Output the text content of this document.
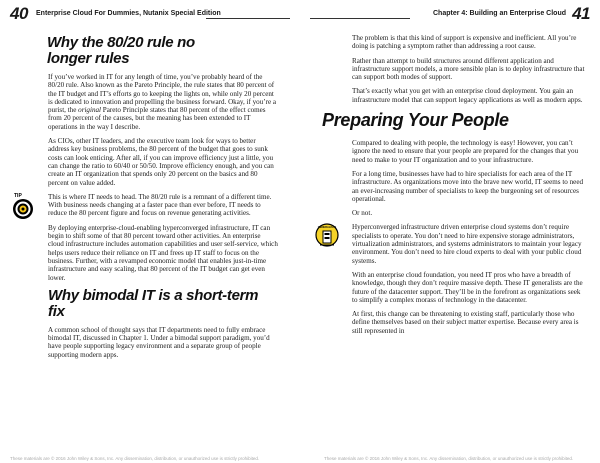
40 Enterprise Cloud For Dummies, Nutanix Special Edition
Why the 80/20 rule no longer rules

If you’ve worked in IT for any length of time, you’ve probably heard of the 80/20 rule. Also known as the Pareto Principle, the rule states that 80 percent of the IT budget and IT’s efforts go to keeping the lights on, while only 20 percent is dedicated to innovation and propelling the business forward. Okay, if you’re a purist, the original Pareto Principle states that 80 percent of the effect comes from 20 percent of the causes, but the meaning has been extended to IT operations in the way I describe.

As CIOs, other IT leaders, and the executive team look for ways to better address key business problems, the 80 percent of the budget that goes to sunk costs can look enticing. After all, if you can improve efficiency just a little, you can change the ratio to 60/40 or 50/50. Improve efficiency enough, and you can create an IT organization that spends only 20 percent on the basics and 80 percent on value added.

TIP	This is where IT needs to head. The 80/20 rule is a remnant of a different time. With business needs changing at a faster pace than ever before, IT needs to reduce the 80 percent figure and focus on revenue generating activities.

By deploying enterprise-cloud-enabling hyperconverged infrastructure, IT can begin to shift some of that 80 percent toward other activities. An enterprise cloud infrastructure includes automation capabilities and user self-service, which helps users reduce their reliance on IT and frees up IT staff to focus on the business. Further, with a revamped economic model that enables just-in-time infrastructure and easy scaling, that 80 percent of the IT budget can get even lower.

Why bimodal IT is a short-term fix

A common school of thought says that IT departments need to fully embrace bimodal IT, discussed in Chapter 1. Under a bimodal support paradigm, you’d have people supporting legacy environment and a separate group of people supporting modern apps.

These materials are © 2016 John Wiley & Sons, Inc. Any dissemination, distribution, or unauthorized use is strictly prohibited.
Chapter 4: Building an Enterprise Cloud 41

The problem is that this kind of support is expensive and inefficient. All you’re doing is patching a symptom rather than addressing a root cause.

Rather than attempt to build structures around different application and infrastructure support models, a more sensible plan is to deploy infrastructure that can support both modes of support.

That’s exactly what you get with an enterprise cloud deployment. You gain an infrastructure model that can support legacy applications as well as modern apps.

Preparing Your People

Compared to dealing with people, the technology is easy! However, you can’t ignore the need to ensure that your people are prepared for the changes that you need to make to your IT organization and to your infrastructure.

For a long time, businesses have had to hire specialists for each area of the IT infrastructure. As organizations move into the brave new world, IT seems to need an ever-increasing number of specialists to keep the burgeoning set of resources operational.

Or not.

GENERALISTS Hyperconverged infrastructure driven enterprise cloud systems don’t require specialists to operate. You don’t need to hire expensive storage administrators, virtualization administrators, and systems administrators to maintain your legacy environment. You don’t need to hire cloud experts to deal with your public cloud systems.

With an enterprise cloud foundation, you need IT pros who have a breadth of knowledge, though they don’t require massive depth. These IT generalists are the future of the datacenter support. They’ll be in the forefront as organizations seek to simplify a complex morass of technology in the datacenter.

At first, this change can be threatening to existing staff, particularly those who define themselves based on their subject matter expertise. Because every area is still represented in

These materials are © 2016 John Wiley & Sons, Inc. Any dissemination, distribution, or unauthorized use is strictly prohibited.
